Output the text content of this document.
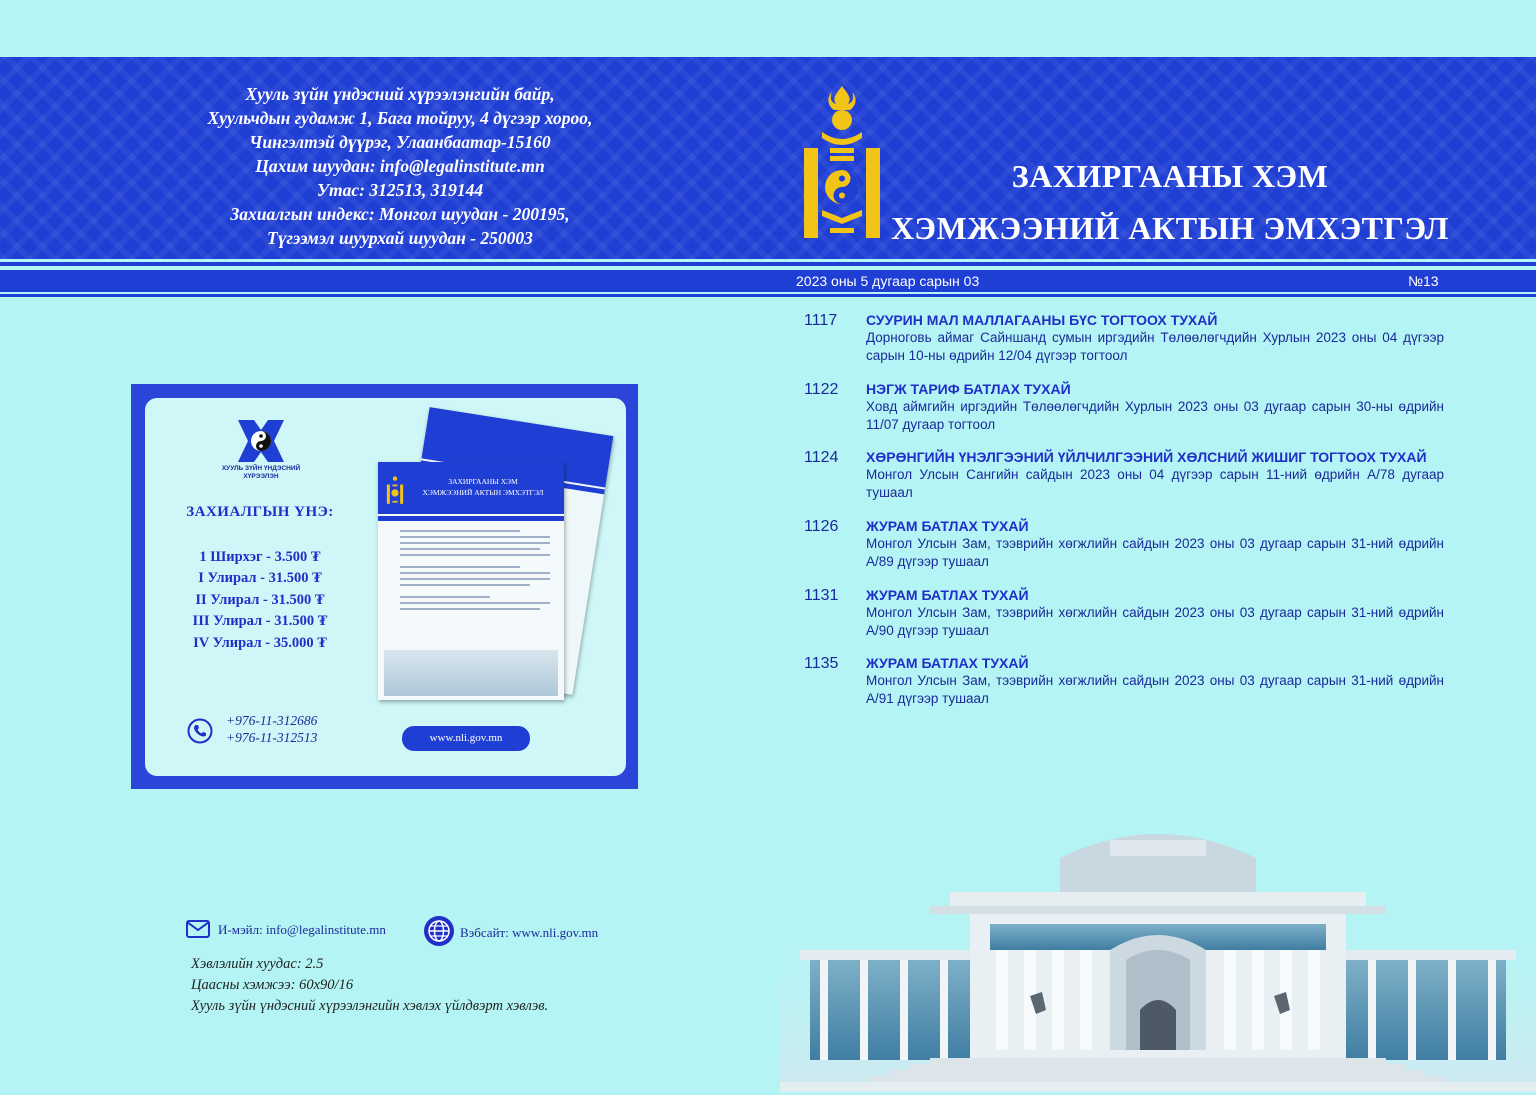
Хууль зүйн үндэсний хүрээлэнгийн байр,
Хуульчдын гудамж 1, Бага тойруу, 4 дүгээр хороо,
Чингэлтэй дүүрэг, Улаанбаатар-15160
Цахим шуудан: info@legalinstitute.mn
Утас: 312513, 319144
Захиалгын индекс: Монгол шуудан - 200195,
Түгээмэл шуурхай шуудан - 250003
ЗАХИРГААНЫ ХЭМ
ХЭМЖЭЭНИЙ АКТЫН ЭМХЭТГЭЛ
2023 оны 5 дугаар сарын 03	№13
1117 СУУРИН МАЛ МАЛЛАГААНЫ БҮС ТОГТООХ ТУХАЙ
Дорноговь аймаг Сайншанд сумын иргэдийн Төлөөлөгчдийн Хурлын 2023 оны 04 дүгээр сарын 10-ны өдрийн 12/04 дүгээр тогтоол
1122 НЭГЖ ТАРИФ БАТЛАХ ТУХАЙ
Ховд аймгийн иргэдийн Төлөөлөгчдийн Хурлын 2023 оны 03 дугаар сарын 30-ны өдрийн 11/07 дугаар тогтоол
1124 ХӨРӨНГИЙН ҮНЭЛГЭЭНИЙ ҮЙЛЧИЛГЭЭНИЙ ХӨЛСНИЙ ЖИШИГ ТОГТООХ ТУХАЙ
Монгол Улсын Сангийн сайдын 2023 оны 04 дүгээр сарын 11-ний өдрийн А/78 дугаар тушаал
1126 ЖУРАМ БАТЛАХ ТУХАЙ
Монгол Улсын Зам, тээврийн хөгжлийн сайдын 2023 оны 03 дугаар сарын 31-ний өдрийн А/89 дүгээр тушаал
1131 ЖУРАМ БАТЛАХ ТУХАЙ
Монгол Улсын Зам, тээврийн хөгжлийн сайдын 2023 оны 03 дугаар сарын 31-ний өдрийн А/90 дүгээр тушаал
1135 ЖУРАМ БАТЛАХ ТУХАЙ
Монгол Улсын Зам, тээврийн хөгжлийн сайдын 2023 оны 03 дугаар сарын 31-ний өдрийн А/91 дүгээр тушаал
ХУУЛЬ ЗҮЙН ҮНДЭСНИЙ ХҮРЭЭЛЭН
ЗАХИАЛГЫН ҮНЭ:
1 Ширхэг - 3.500 ₮
I Улирал - 31.500 ₮
II Улирал - 31.500 ₮
III Улирал - 31.500 ₮
IV Улирал - 35.000 ₮
ЗАХИРГААНЫ ХЭМ
ХЭМЖЭЭНИЙ АКТЫН ЭМХЭТГЭЛ
+976-11-312686
+976-11-312513	www.nli.gov.mn
И-мэйл: info@legalinstitute.mn	Вэбсайт: www.nli.gov.mn
Хэвлэлийн хуудас: 2.5
Цаасны хэмжээ: 60х90/16
Хууль зүйн үндэсний хүрээлэнгийн хэвлэх үйлдвэрт хэвлэв.
